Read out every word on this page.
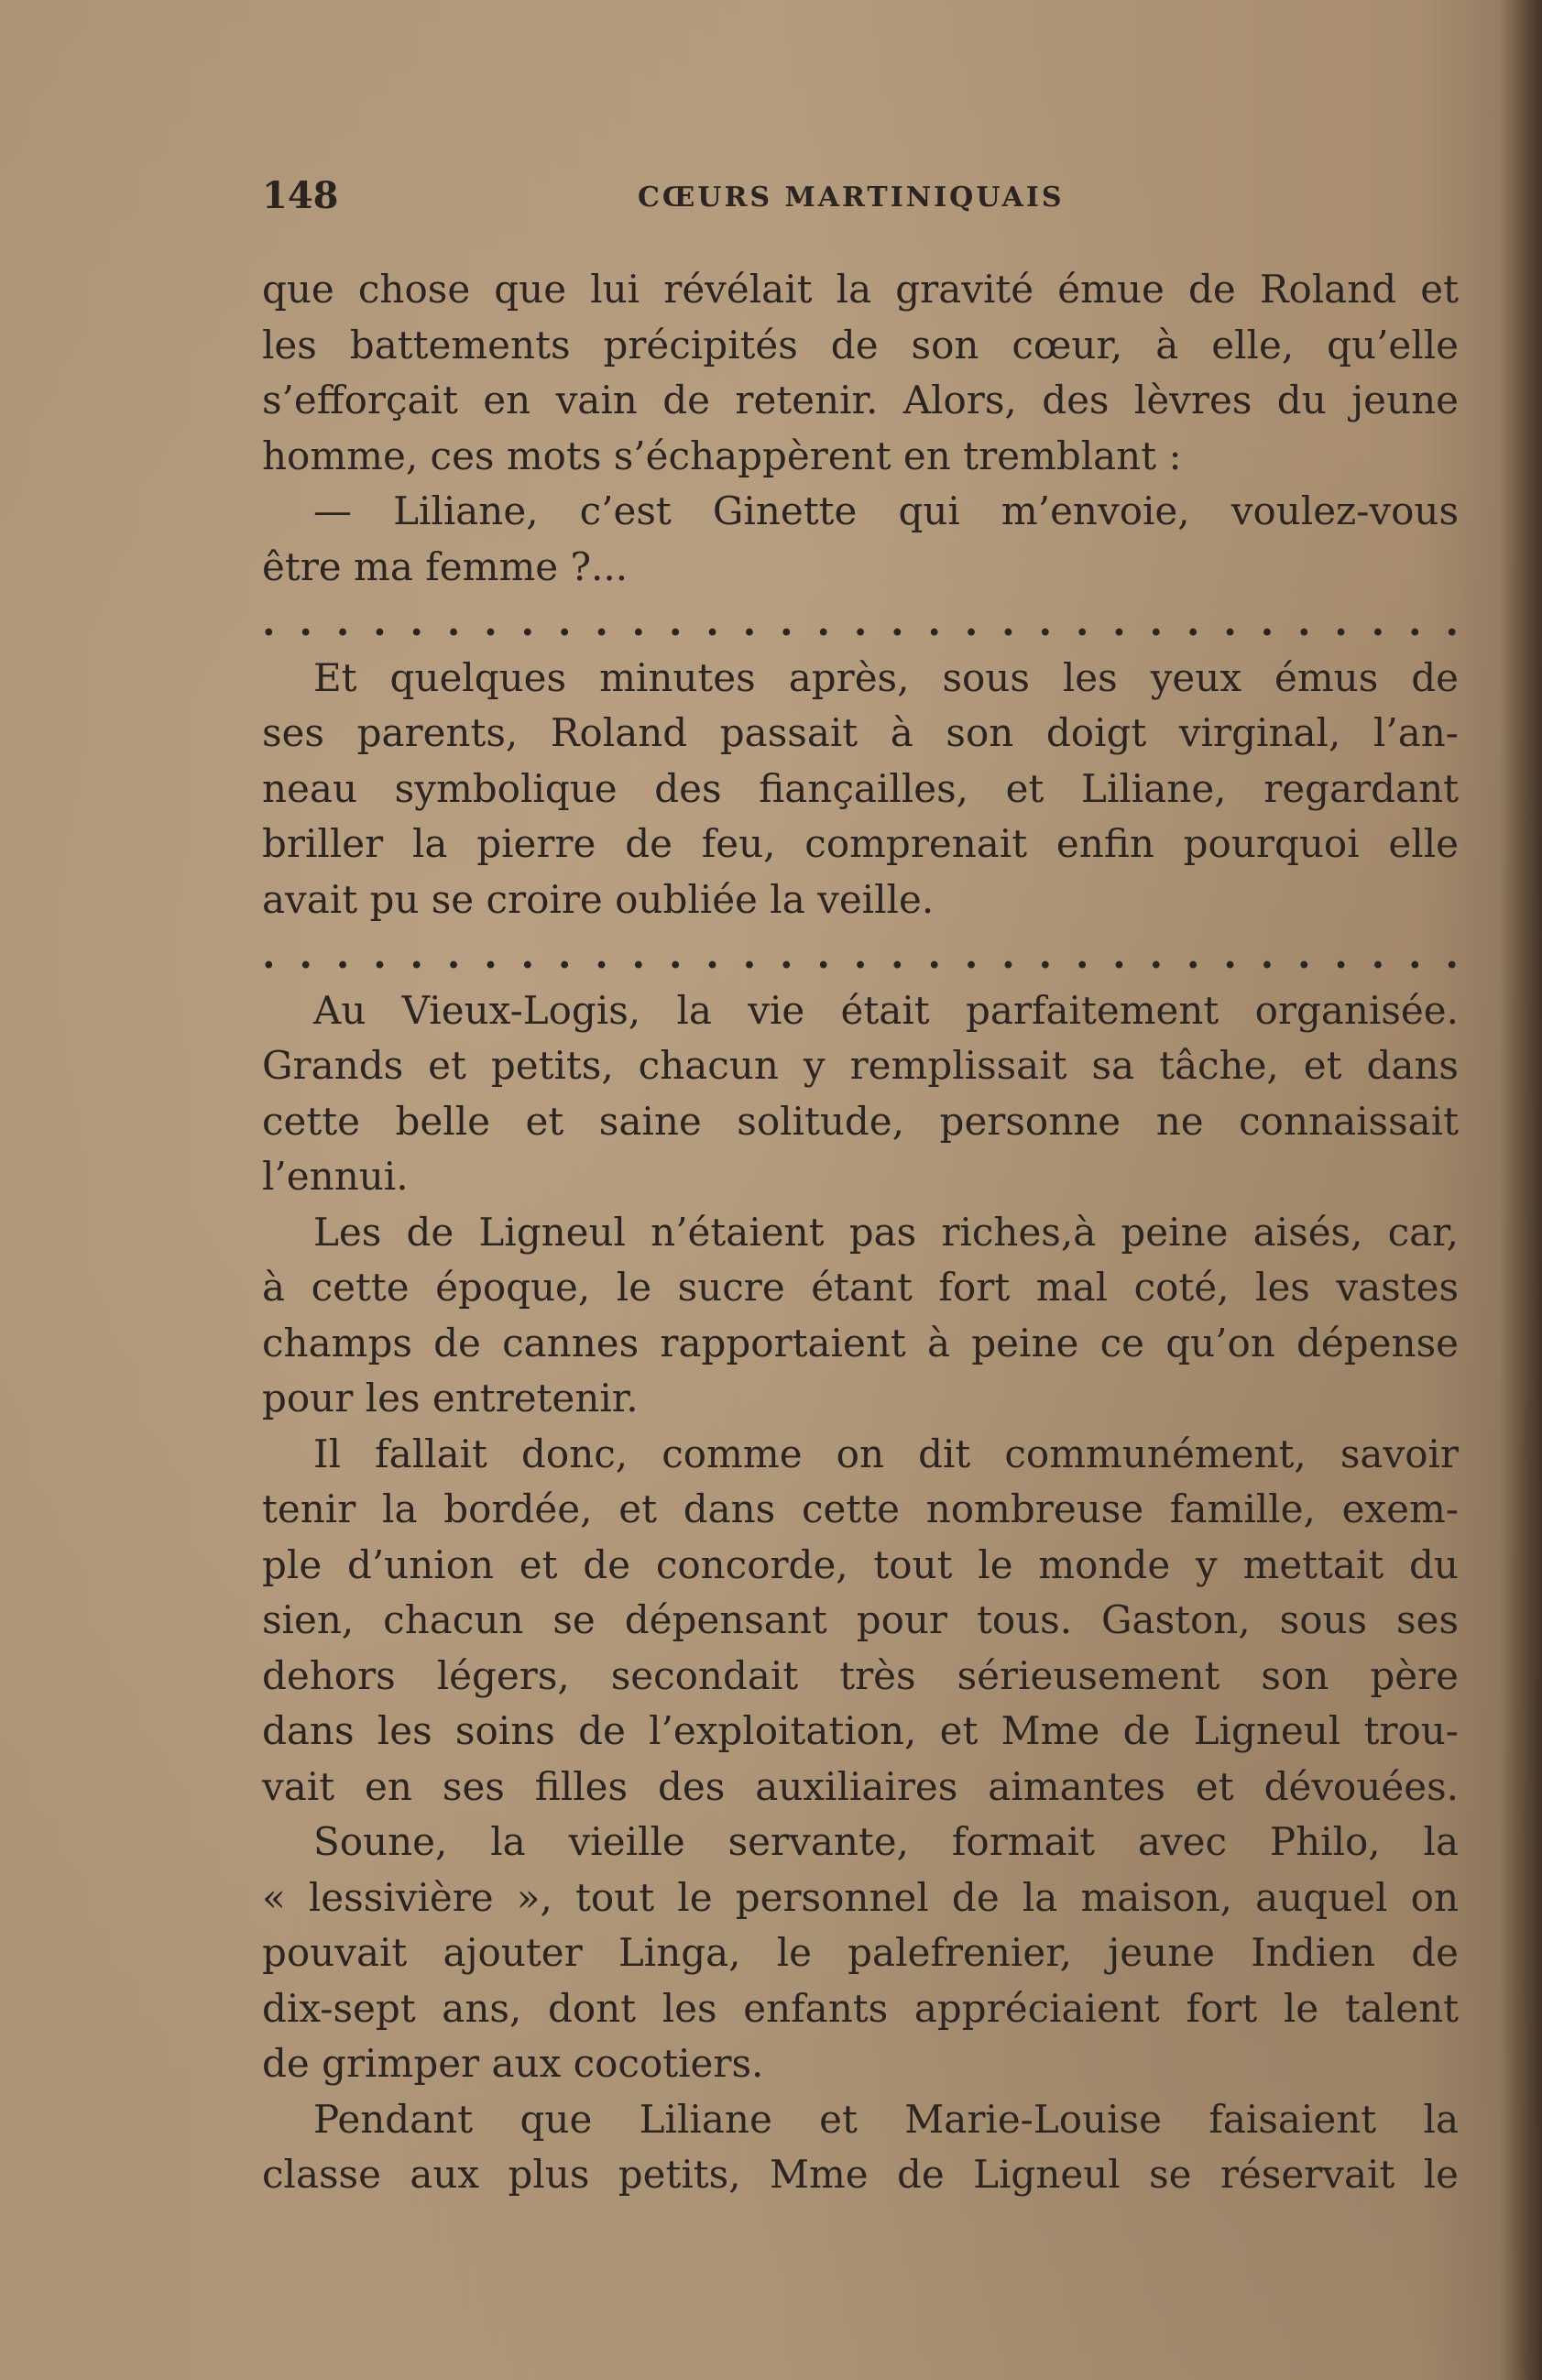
148	CŒURS MARTINIQUAIS
que chose que lui révélait la gravité émue de Roland et
les battements précipités de son cœur, à elle, qu’elle
s’efforçait en vain de retenir. Alors, des lèvres du jeune
homme, ces mots s’échappèrent en tremblant :
— Liliane, c’est Ginette qui m’envoie, voulez-vous
être ma femme ?...
. . . . . . . . . . . . . . . . . . . . . . . . . . . . . . . . .
Et quelques minutes après, sous les yeux émus de
ses parents, Roland passait à son doigt virginal, l’an-
neau symbolique des fiançailles, et Liliane, regardant
briller la pierre de feu, comprenait enfin pourquoi elle
avait pu se croire oubliée la veille.
. . . . . . . . . . . . . . . . . . . . . . . . . . . . . . . . .
Au Vieux-Logis, la vie était parfaitement organisée.
Grands et petits, chacun y remplissait sa tâche, et dans
cette belle et saine solitude, personne ne connaissait
l’ennui.
Les de Ligneul n’étaient pas riches,à peine aisés, car,
à cette époque, le sucre étant fort mal coté, les vastes
champs de cannes rapportaient à peine ce qu’on dépense
pour les entretenir.
Il fallait donc, comme on dit communément, savoir
tenir la bordée, et dans cette nombreuse famille, exem-
ple d’union et de concorde, tout le monde y mettait du
sien, chacun se dépensant pour tous. Gaston, sous ses
dehors légers, secondait très sérieusement son père
dans les soins de l’exploitation, et Mme de Ligneul trou-
vait en ses filles des auxiliaires aimantes et dévouées.
Soune, la vieille servante, formait avec Philo, la
« lessivière », tout le personnel de la maison, auquel on
pouvait ajouter Linga, le palefrenier, jeune Indien de
dix-sept ans, dont les enfants appréciaient fort le talent
de grimper aux cocotiers.
Pendant que Liliane et Marie-Louise faisaient la
classe aux plus petits, Mme de Ligneul se réservait le
